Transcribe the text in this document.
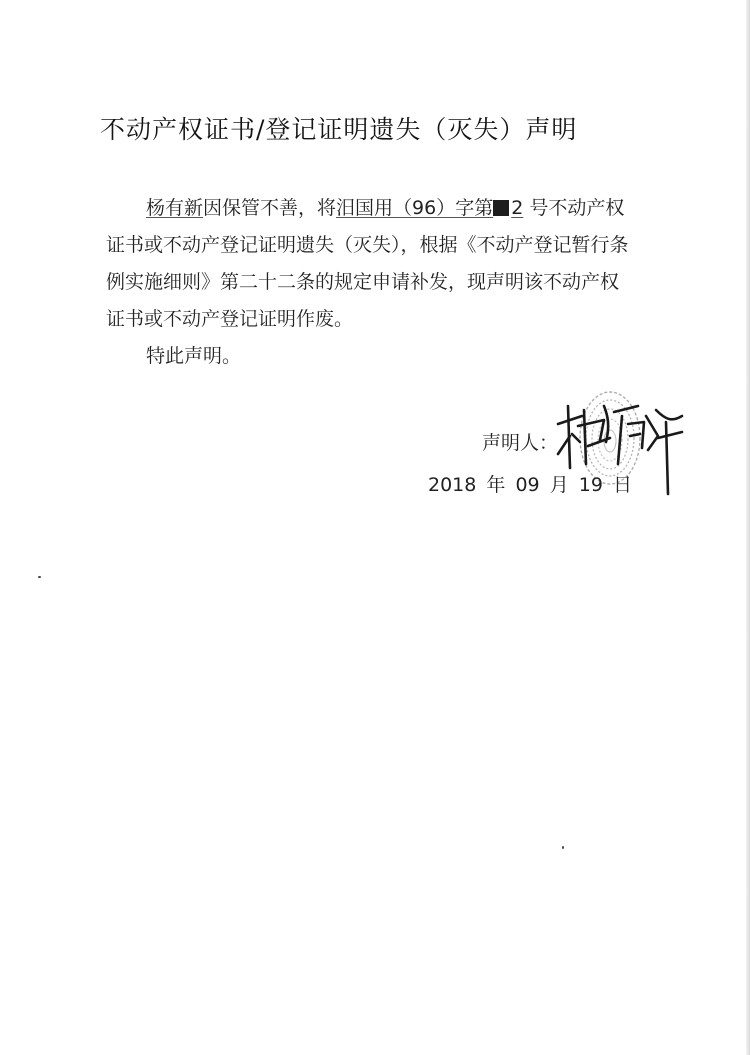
不动产权证书/登记证明遗失（灭失）声明

杨有新因保管不善，将汨国用（96）字第 2 号不动产权证书或不动产登记证明遗失（灭失），根据《不动产登记暂行条例实施细则》第二十二条的规定申请补发，现声明该不动产权证书或不动产登记证明作废。

特此声明。

声明人：
2018 年 09 月 19 日
